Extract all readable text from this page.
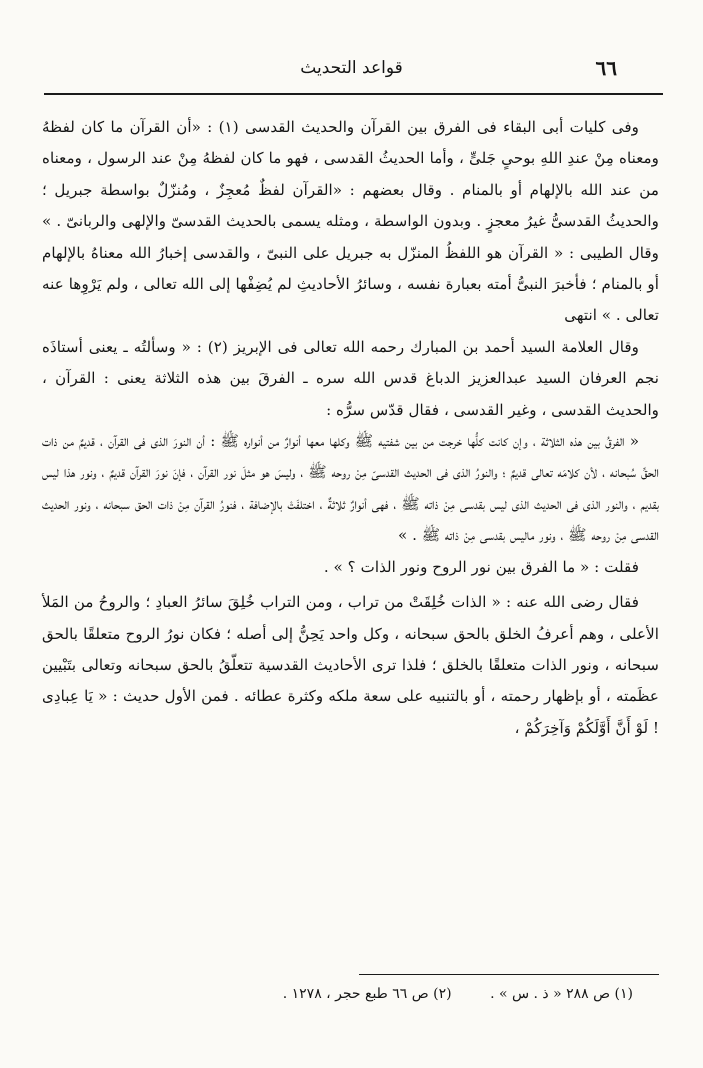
٦٦
قواعد التحديث

وفى كليات أبى البقاء فى الفرق بين القرآن والحديث القدسى (١) : «أن القرآن ما كان لفظهُ ومعناه مِنْ عندِ اللهِ بوحىٍ جَلىٍّ ، وأما الحديثُ القدسى ، فهو ما كان لفظهُ مِنْ عند الرسول ، ومعناه من عند الله بالإلهام أو بالمنام . وقال بعضهم : «القرآن لفظٌ مُعجِزٌ ، ومُنزّلٌ بواسطة جبريل ؛ والحديثُ القدسىُّ غيرُ معجزٍ . وبدون الواسطة ، ومثله يسمى بالحديث القدسىّ والإلهى والربانىّ . » وقال الطيبى : « القرآن هو اللفظُ المنزّل به جبريل على النبىّ ، والقدسى إخبارُ الله معناهُ بالإلهام أو بالمنام ؛ فأخبرَ النبىُّ أمته بعبارة نفسه ، وسائرُ الأحاديثِ لم يُضِفْها إلى الله تعالى ، ولم يَرْوِها عنه تعالى . » انتهى

وقال العلامة السيد أحمد بن المبارك رحمه الله تعالى فى الإبريز (٢) : « وسألتُه ـ يعنى أستاذَه نجم العرفان السيد عبدالعزيز الدباغ قدس الله سره ـ الفرقَ بين هذه الثلاثة يعنى : القرآن ، والحديث القدسى ، وغير القدسى ، فقال قدّس سرُّه :

« الفرقُ بين هذه الثلاثة ، وإن كانت كلُّها خرجت من بين شفتيه ﷺ وكلها معها أنوارٌ من أنواره ﷺ : أن النورَ الذى فى القرآن ، قديمٌ من ذات الحقِّ سُبحانه ، لأن كلامَه تعالى قديمٌ ؛ والنورُ الذى فى الحديث القدسىّ مِنْ روحه ﷺ ، وليسَ هو مثلَ نور القرآن ، فإنَ نورَ القرآن قديمٌ ، ونور هذا ليس بقديم ، والنور الذى فى الحديث الذى ليس بقدسى مِنْ ذاته ﷺ ، فهى أنوارٌ ثلاثةٌ ، اختلفَتْ بالإضافة ، فنورُ القرآن مِنْ ذات الحق سبحانه ، ونور الحديث القدسى مِنْ روحه ﷺ ، ونور ماليس بقدسى مِنْ ذاته ﷺ . »

فقلت : « ما الفرق بين نور الروح ونور الذات ؟ » .

فقال رضى الله عنه : « الذات خُلِقَتْ من تراب ، ومن التراب خُلِقَ سائرُ العبادِ ؛ والروحُ من المَلأ الأعلى ، وهم أعرفُ الخلق بالحق سبحانه ، وكل واحد يَحِنُّ إلى أصله ؛ فكان نورُ الروح متعلقًا بالحق سبحانه ، ونور الذات متعلقًا بالخلق ؛ فلذا ترى الأحاديث القدسية تتعلّقُ بالحق سبحانه وتعالى بتَبْيين عظَمته ، أو بإظهار رحمته ، أو بالتنبيه على سعة ملكه وكثرة عطائه . فمن الأول حديث : « يَا عِبادِى ! لَوْ أَنَّ أَوَّلَكُمْ وَآخِرَكُمْ ،

(١) ص ٢٨٨ « ذ . س » . (٢) ص ٦٦ طبع حجر ، ١٢٧٨ .
